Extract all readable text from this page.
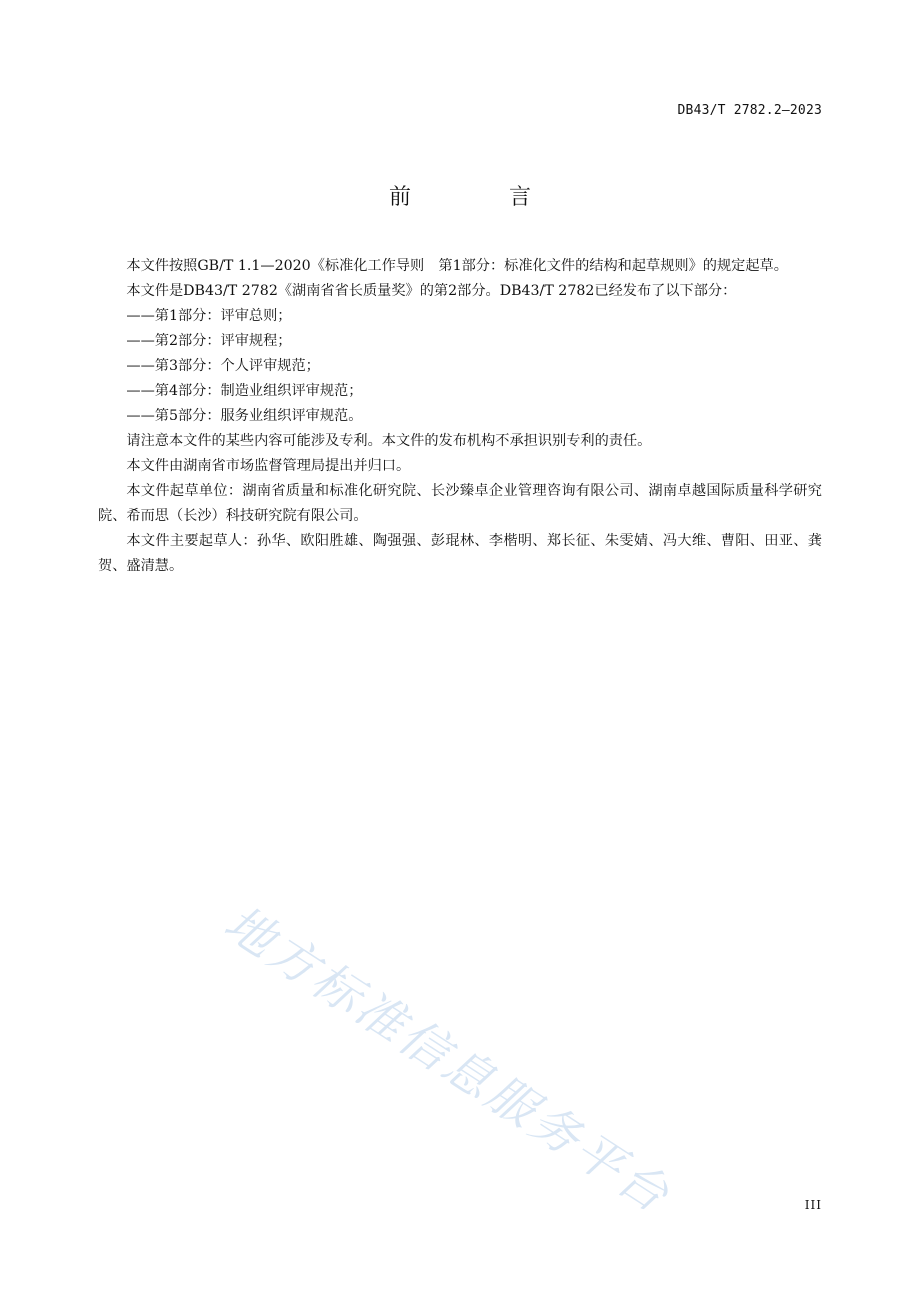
DB43/T 2782.2—2023
前　言

本文件按照GB/T 1.1—2020《标准化工作导则　第1部分：标准化文件的结构和起草规则》的规定起草。

本文件是DB43/T 2782《湖南省省长质量奖》的第2部分。DB43/T 2782已经发布了以下部分：

——第1部分：评审总则；

——第2部分：评审规程；

——第3部分：个人评审规范；

——第4部分：制造业组织评审规范；

——第5部分：服务业组织评审规范。

请注意本文件的某些内容可能涉及专利。本文件的发布机构不承担识别专利的责任。

本文件由湖南省市场监督管理局提出并归口。

本文件起草单位：湖南省质量和标准化研究院、长沙臻卓企业管理咨询有限公司、湖南卓越国际质量科学研究院、希而思（长沙）科技研究院有限公司。

本文件主要起草人：孙华、欧阳胜雄、陶强强、彭琨林、李楷明、郑长征、朱雯婧、冯大维、曹阳、田亚、龚贺、盛清慧。

地方标准信息服务平台	III
